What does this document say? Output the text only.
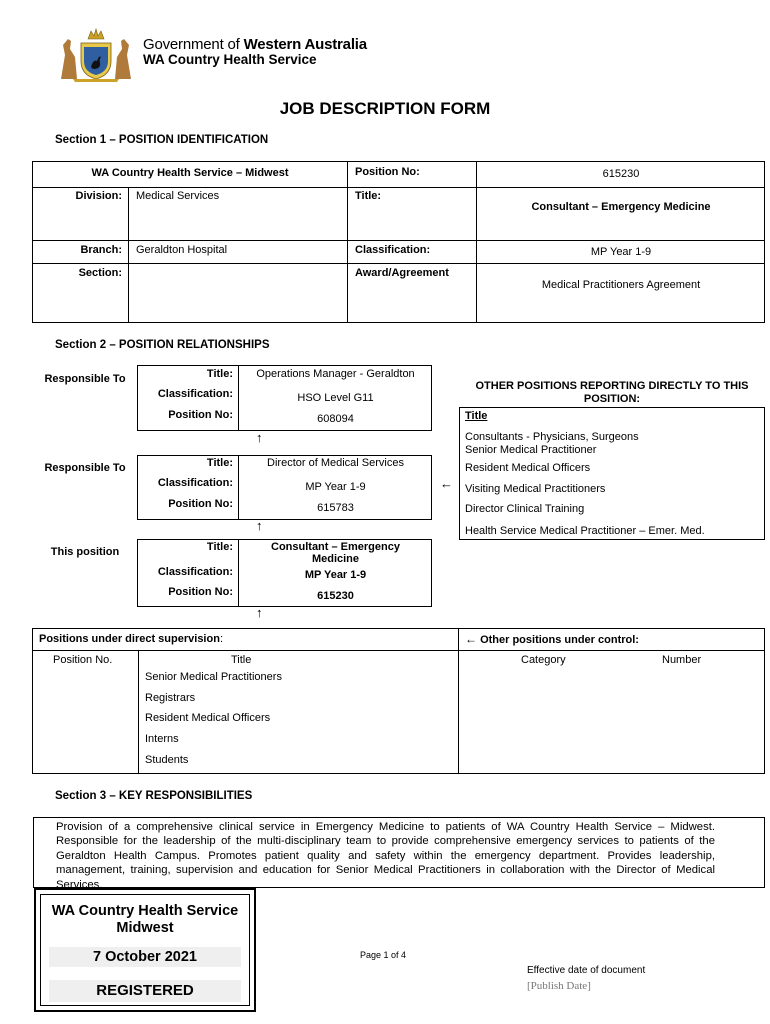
Government of Western Australia
WA Country Health Service
JOB DESCRIPTION FORM
Section 1 – POSITION IDENTIFICATION
WA Country Health Service – Midwest	Position No:	615230
Division: Medical Services	Title:
Consultant – Emergency Medicine
Branch: Geraldton Hospital	Classification:	MP Year 1-9
Section:	Award/Agreement
Medical Practitioners Agreement
Section 2 – POSITION RELATIONSHIPS
Responsible To	Title:	Operations Manager - Geraldton
Classification:	HSO Level G11
Position No:	608094
↑
Responsible To	Title:	Director of Medical Services
Classification:	MP Year 1-9
Position No:	615783
←
↑
This position	Title:	Consultant – Emergency Medicine
Classification:	MP Year 1-9
Position No:	615230
↑
OTHER POSITIONS REPORTING DIRECTLY TO THIS POSITION:
Title
Consultants - Physicians, Surgeons
Senior Medical Practitioner
Resident Medical Officers
Visiting Medical Practitioners
Director Clinical Training
Health Service Medical Practitioner – Emer. Med.
Positions under direct supervision:	← Other positions under control:
Position No.	Title	Category	Number
Senior Medical Practitioners
Registrars
Resident Medical Officers
Interns
Students
Section 3 – KEY RESPONSIBILITIES
Provision of a comprehensive clinical service in Emergency Medicine to patients of WA Country Health Service – Midwest. Responsible for the leadership of the multi-disciplinary team to provide comprehensive emergency services to patients of the Geraldton Health Campus. Promotes patient quality and safety within the emergency department. Provides leadership, management, training, supervision and education for Senior Medical Practitioners in collaboration with the Director of Medical Services.
WA Country Health Service
Midwest
7 October 2021
REGISTERED
Page 1 of 4
Effective date of document
[Publish Date]
